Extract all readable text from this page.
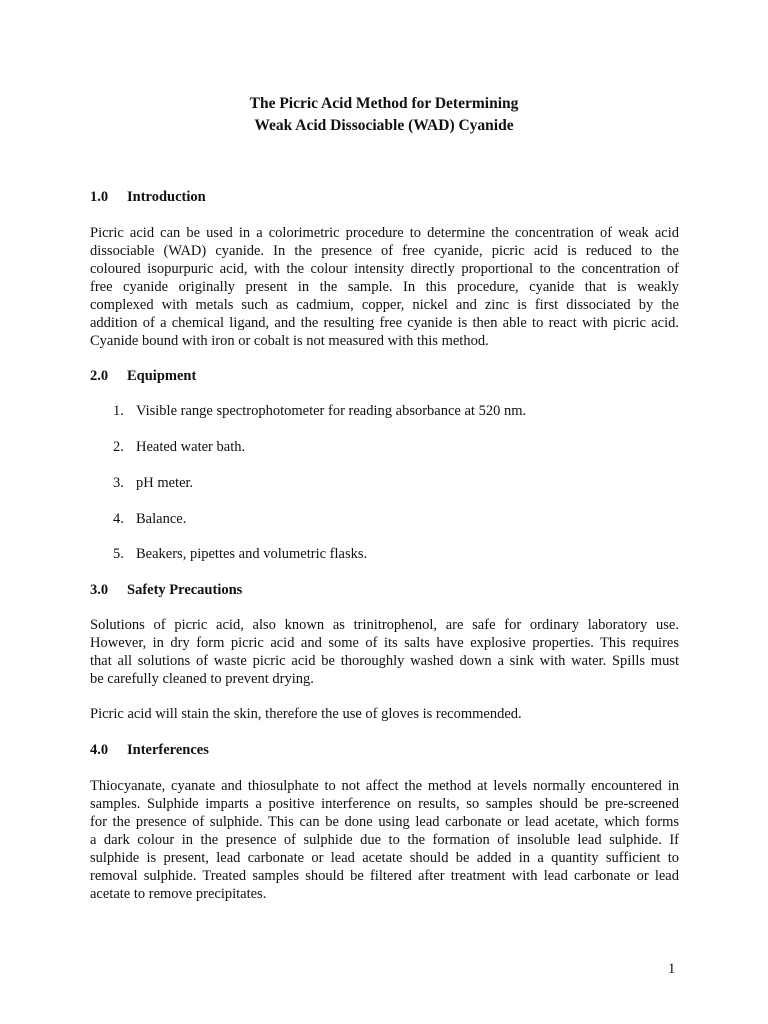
The Picric Acid Method for Determining
Weak Acid Dissociable (WAD) Cyanide
1.0 Introduction
Picric acid can be used in a colorimetric procedure to determine the concentration of weak acid
dissociable (WAD) cyanide. In the presence of free cyanide, picric acid is reduced to the
coloured isopurpuric acid, with the colour intensity directly proportional to the concentration of
free cyanide originally present in the sample. In this procedure, cyanide that is weakly
complexed with metals such as cadmium, copper, nickel and zinc is first dissociated by the
addition of a chemical ligand, and the resulting free cyanide is then able to react with picric acid.
Cyanide bound with iron or cobalt is not measured with this method.
2.0 Equipment
1. Visible range spectrophotometer for reading absorbance at 520 nm.
2. Heated water bath.
3. pH meter.
4. Balance.
5. Beakers, pipettes and volumetric flasks.
3.0 Safety Precautions
Solutions of picric acid, also known as trinitrophenol, are safe for ordinary laboratory use.
However, in dry form picric acid and some of its salts have explosive properties. This requires
that all solutions of waste picric acid be thoroughly washed down a sink with water. Spills must
be carefully cleaned to prevent drying.
Picric acid will stain the skin, therefore the use of gloves is recommended.
4.0 Interferences
Thiocyanate, cyanate and thiosulphate to not affect the method at levels normally encountered in
samples. Sulphide imparts a positive interference on results, so samples should be pre-screened
for the presence of sulphide. This can be done using lead carbonate or lead acetate, which forms
a dark colour in the presence of sulphide due to the formation of insoluble lead sulphide. If
sulphide is present, lead carbonate or lead acetate should be added in a quantity sufficient to
removal sulphide. Treated samples should be filtered after treatment with lead carbonate or lead
acetate to remove precipitates.
1
